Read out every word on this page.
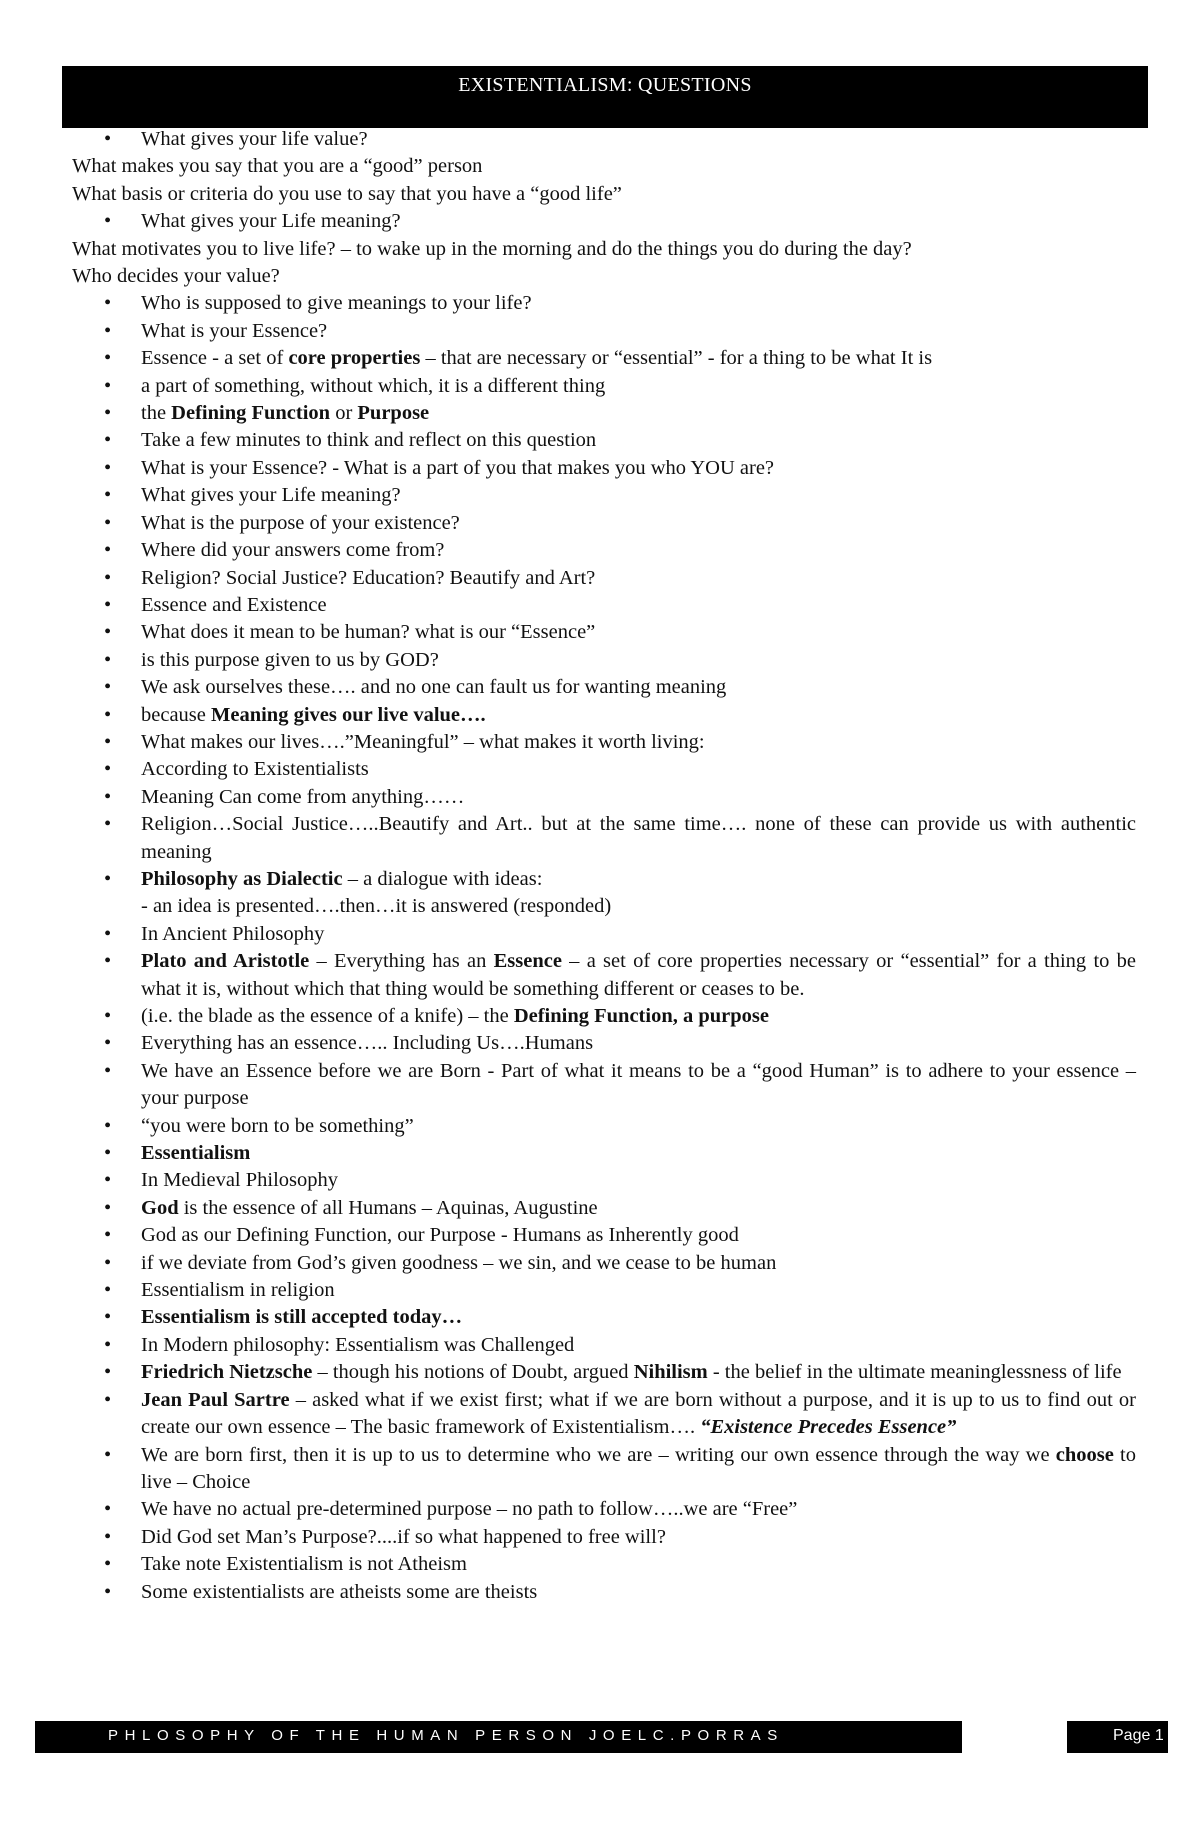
EXISTENTIALISM: QUESTIONS

• What gives your life value?

What makes you say that you are a “good” person

What basis or criteria do you use to say that you have a “good life”

• What gives your Life meaning?

What motivates you to live life? – to wake up in the morning and do the things you do during the day?

Who decides your value?

• Who is supposed to give meanings to your life?

• What is your Essence?

• Essence - a set of core properties – that are necessary or “essential” - for a thing to be what It is

• a part of something, without which, it is a different thing

• the Defining Function or Purpose

• Take a few minutes to think and reflect on this question

• What is your Essence? - What is a part of you that makes you who YOU are?

• What gives your Life meaning?

• What is the purpose of your existence?

• Where did your answers come from?

• Religion? Social Justice? Education? Beautify and Art?

• Essence and Existence

• What does it mean to be human? what is our “Essence”

• is this purpose given to us by GOD?

• We ask ourselves these…. and no one can fault us for wanting meaning

• because Meaning gives our live value….

• What makes our lives….”Meaningful” – what makes it worth living:

• According to Existentialists

• Meaning Can come from anything……

• Religion…Social Justice…..Beautify and Art.. but at the same time…. none of these can provide us with authentic meaning

• Philosophy as Dialectic – a dialogue with ideas:

- an idea is presented….then…it is answered (responded)

• In Ancient Philosophy

• Plato and Aristotle – Everything has an Essence – a set of core properties necessary or “essential” for a thing to be what it is, without which that thing would be something different or ceases to be.

• (i.e. the blade as the essence of a knife) – the Defining Function, a purpose

• Everything has an essence….. Including Us….Humans

• We have an Essence before we are Born - Part of what it means to be a “good Human” is to adhere to your essence – your purpose

• “you were born to be something”

• Essentialism

• In Medieval Philosophy

• God is the essence of all Humans – Aquinas, Augustine

• God as our Defining Function, our Purpose - Humans as Inherently good

• if we deviate from God’s given goodness – we sin, and we cease to be human

• Essentialism in religion

• Essentialism is still accepted today…

• In Modern philosophy: Essentialism was Challenged

• Friedrich Nietzsche – though his notions of Doubt, argued Nihilism - the belief in the ultimate meaninglessness of life

• Jean Paul Sartre – asked what if we exist first; what if we are born without a purpose, and it is up to us to find out or create our own essence – The basic framework of Existentialism…. “Existence Precedes Essence”

• We are born first, then it is up to us to determine who we are – writing our own essence through the way we choose to live – Choice

• We have no actual pre-determined purpose – no path to follow…..we are “Free”

• Did God set Man’s Purpose?....if so what happened to free will?

• Take note Existentialism is not Atheism

• Some existentialists are atheists some are theists

PHLOSOPHY OF THE HUMAN PERSON JOELC.PORRAS	Page 1
